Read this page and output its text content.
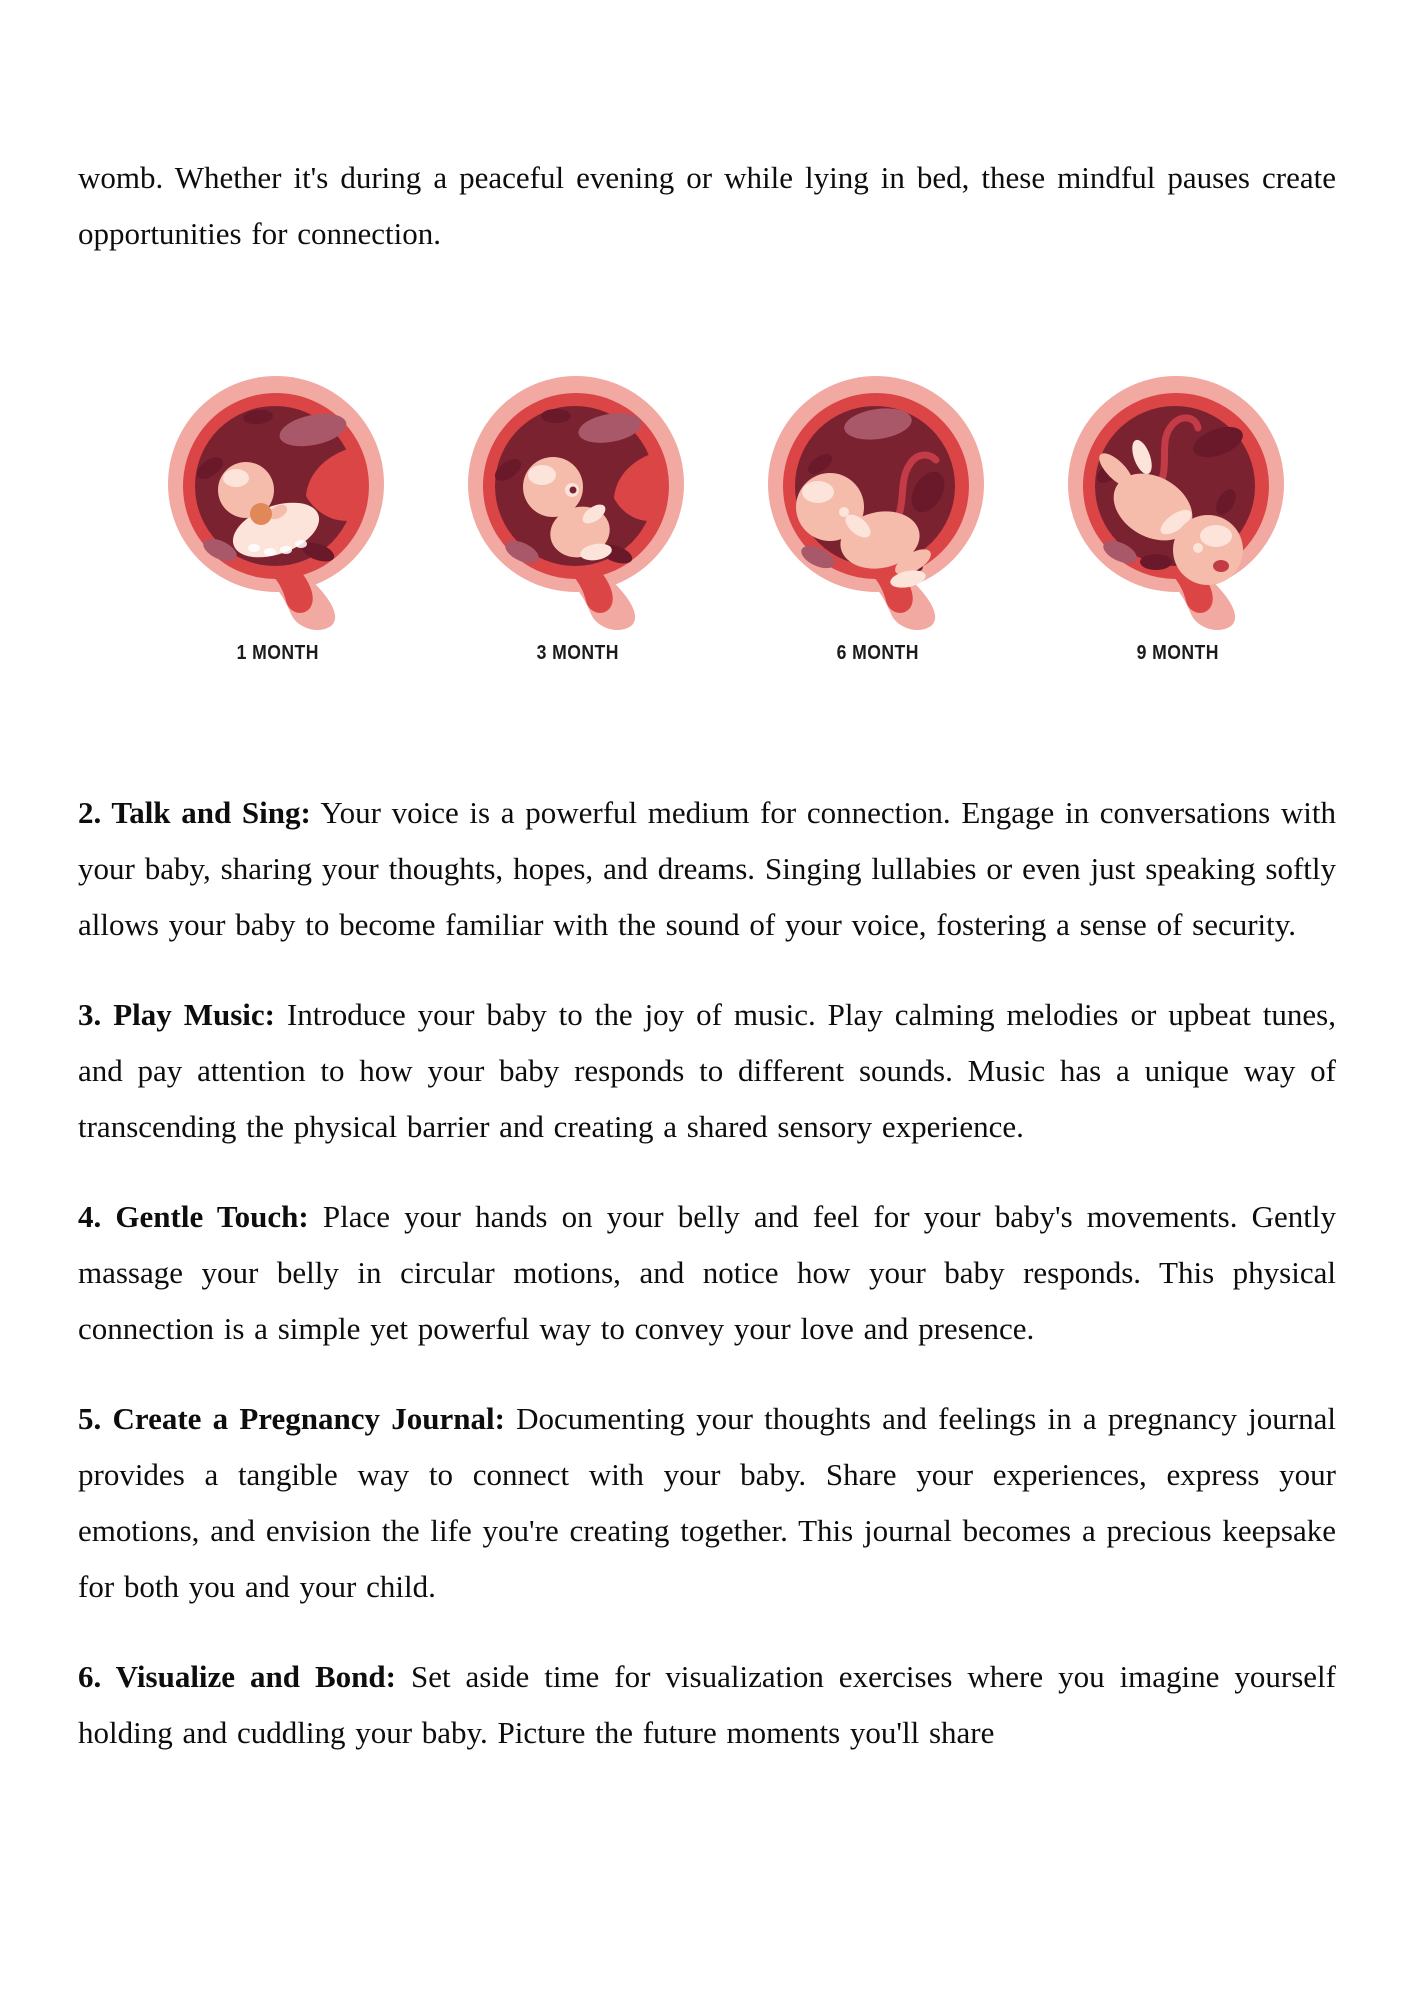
womb. Whether it's during a peaceful evening or while lying in bed, these mindful pauses create opportunities for connection.

1 MONTH	3 MONTH	6 MONTH	9 MONTH

2. Talk and Sing: Your voice is a powerful medium for connection. Engage in conversations with your baby, sharing your thoughts, hopes, and dreams. Singing lullabies or even just speaking softly allows your baby to become familiar with the sound of your voice, fostering a sense of security.

3. Play Music: Introduce your baby to the joy of music. Play calming melodies or upbeat tunes, and pay attention to how your baby responds to different sounds. Music has a unique way of transcending the physical barrier and creating a shared sensory experience.

4. Gentle Touch: Place your hands on your belly and feel for your baby's movements. Gently massage your belly in circular motions, and notice how your baby responds. This physical connection is a simple yet powerful way to convey your love and presence.

5. Create a Pregnancy Journal: Documenting your thoughts and feelings in a pregnancy journal provides a tangible way to connect with your baby. Share your experiences, express your emotions, and envision the life you're creating together. This journal becomes a precious keepsake for both you and your child.

6. Visualize and Bond: Set aside time for visualization exercises where you imagine yourself holding and cuddling your baby. Picture the future moments you'll share
